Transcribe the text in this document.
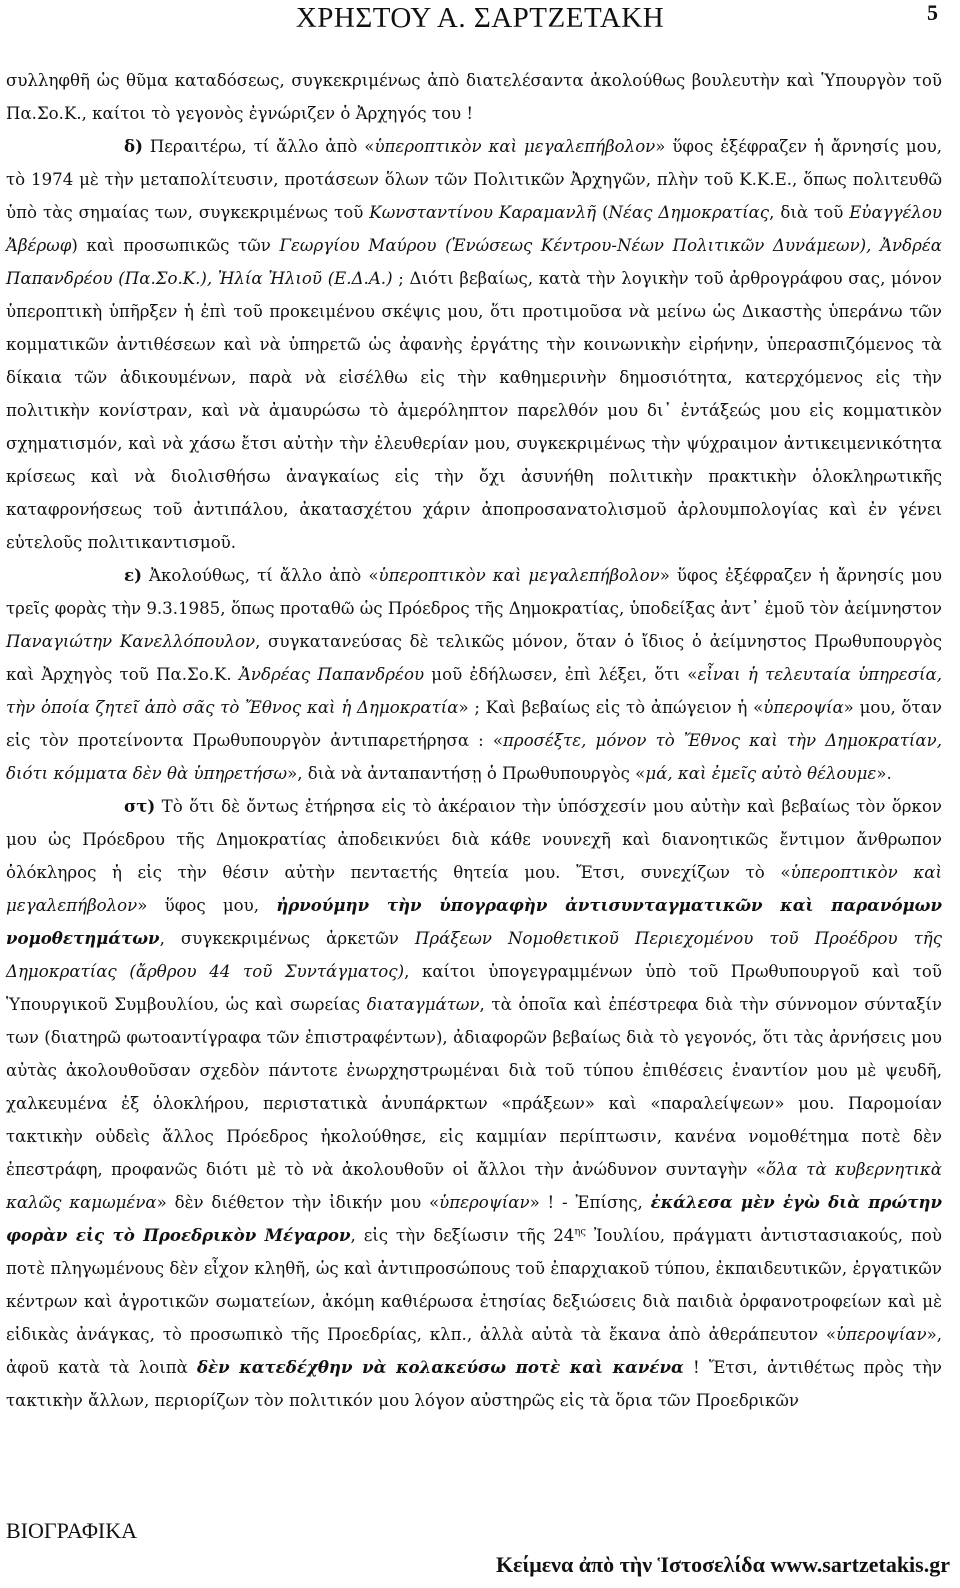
ΧΡΗΣΤΟΥ Α. ΣΑΡΤΖΕΤΑΚΗ	5

συλληφθῆ ὡς θῦμα καταδόσεως, συγκεκριμένως ἀπὸ διατελέσαντα ἀκολούθως βουλευτὴν καὶ Ὑπουργὸν τοῦ Πα.Σο.Κ., καίτοι τὸ γεγονὸς ἐγνώριζεν ὁ Ἀρχηγός του !

δ) Περαιτέρω, τί ἄλλο ἀπὸ «ὑπεροπτικὸν καὶ μεγαλεπήβολον» ὕφος ἐξέφραζεν ἡ ἄρνησίς μου, τὸ 1974 μὲ τὴν μεταπολίτευσιν, προτάσεων ὅλων τῶν Πολιτικῶν Ἀρχηγῶν, πλὴν τοῦ Κ.Κ.Ε., ὅπως πολιτευθῶ ὑπὸ τὰς σημαίας των, συγκεκριμένως τοῦ Κωνσταντίνου Καραμανλῆ (Νέας Δημοκρατίας, διὰ τοῦ Εὐαγγέλου Ἀβέρωφ) καὶ προσωπικῶς τῶν Γεωργίου Μαύρου (Ἑνώσεως Κέντρου-Νέων Πολιτικῶν Δυνάμεων), Ἀνδρέα Παπανδρέου (Πα.Σο.Κ.), Ἠλία Ἠλιοῦ (Ε.Δ.Α.) ; Διότι βεβαίως, κατὰ τὴν λογικὴν τοῦ ἀρθρογράφου σας, μόνον ὑπεροπτικὴ ὑπῆρξεν ἡ ἐπὶ τοῦ προκειμένου σκέψις μου, ὅτι προτιμοῦσα νὰ μείνω ὡς Δικαστὴς ὑπεράνω τῶν κομματικῶν ἀντιθέσεων καὶ νὰ ὑπηρετῶ ὡς ἀφανὴς ἐργάτης τὴν κοινωνικὴν εἰρήνην, ὑπερασπιζόμενος τὰ δίκαια τῶν ἀδικουμένων, παρὰ νὰ εἰσέλθω εἰς τὴν καθημερινὴν δημοσιότητα, κατερχόμενος εἰς τὴν πολιτικὴν κονίστραν, καὶ νὰ ἀμαυρώσω τὸ ἀμερόληπτον παρελθόν μου δι᾽ ἐντάξεώς μου εἰς κομματικὸν σχηματισμόν, καὶ νὰ χάσω ἔτσι αὐτὴν τὴν ἐλευθερίαν μου, συγκεκριμένως τὴν ψύχραιμον ἀντικειμενικότητα κρίσεως καὶ νὰ διολισθήσω ἀναγκαίως εἰς τὴν ὄχι ἀσυνήθη πολιτικὴν πρακτικὴν ὁλοκληρωτικῆς καταφρονήσεως τοῦ ἀντιπάλου, ἀκατασχέτου χάριν ἀποπροσανατολισμοῦ ἀρλουμπολογίας καὶ ἐν γένει εὐτελοῦς πολιτικαντισμοῦ.

ε) Ἀκολούθως, τί ἄλλο ἀπὸ «ὑπεροπτικὸν καὶ μεγαλεπήβολον» ὕφος ἐξέφραζεν ἡ ἄρνησίς μου τρεῖς φορὰς τὴν 9.3.1985, ὅπως προταθῶ ὡς Πρόεδρος τῆς Δημοκρατίας, ὑποδείξας ἀντ᾽ ἐμοῦ τὸν ἀείμνηστον Παναγιώτην Κανελλόπουλον, συγκατανεύσας δὲ τελικῶς μόνον, ὅταν ὁ ἴδιος ὁ ἀείμνηστος Πρωθυπουργὸς καὶ Ἀρχηγὸς τοῦ Πα.Σο.Κ. Ἀνδρέας Παπανδρέου μοῦ ἐδήλωσεν, ἐπὶ λέξει, ὅτι «εἶναι ἡ τελευταία ὑπηρεσία, τὴν ὁποία ζητεῖ ἀπὸ σᾶς τὸ Ἔθνος καὶ ἡ Δημοκρατία» ; Καὶ βεβαίως εἰς τὸ ἀπώγειον ἡ «ὑπεροψία» μου, ὅταν εἰς τὸν προτείνοντα Πρωθυπουργὸν ἀντιπαρετήρησα : «προσέξτε, μόνον τὸ Ἔθνος καὶ τὴν Δημοκρατίαν, διότι κόμματα δὲν θὰ ὑπηρετήσω», διὰ νὰ ἀνταπαντήσῃ ὁ Πρωθυπουργὸς «μά, καὶ ἐμεῖς αὐτὸ θέλουμε».

στ) Τὸ ὅτι δὲ ὄντως ἐτήρησα εἰς τὸ ἀκέραιον τὴν ὑπόσχεσίν μου αὐτὴν καὶ βεβαίως τὸν ὅρκον μου ὡς Πρόεδρου τῆς Δημοκρατίας ἀποδεικνύει διὰ κάθε νουνεχῆ καὶ διανοητικῶς ἔντιμον ἄνθρωπον ὁλόκληρος ἡ εἰς τὴν θέσιν αὐτὴν πενταετής θητεία μου. Ἔτσι, συνεχίζων τὸ «ὑπεροπτικὸν καὶ μεγαλεπήβολον» ὕφος μου, ἠρνούμην τὴν ὑπογραφὴν ἀντισυνταγματικῶν καὶ παρανόμων νομοθετημάτων, συγκεκριμένως ἀρκετῶν Πράξεων Νομοθετικοῦ Περιεχομένου τοῦ Προέδρου τῆς Δημοκρατίας (ἄρθρου 44 τοῦ Συντάγματος), καίτοι ὑπογεγραμμένων ὑπὸ τοῦ Πρωθυπουργοῦ καὶ τοῦ Ὑπουργικοῦ Συμβουλίου, ὡς καὶ σωρείας διαταγμάτων, τὰ ὁποῖα καὶ ἐπέστρεφα διὰ τὴν σύννομον σύνταξίν των (διατηρῶ φωτοαντίγραφα τῶν ἐπιστραφέντων), ἀδιαφορῶν βεβαίως διὰ τὸ γεγονός, ὅτι τὰς ἀρνήσεις μου αὐτὰς ἀκολουθοῦσαν σχεδὸν πάντοτε ἐνωρχηστρωμέναι διὰ τοῦ τύπου ἐπιθέσεις ἐναντίον μου μὲ ψευδῆ, χαλκευμένα ἐξ ὁλοκλήρου, περιστατικὰ ἀνυπάρκτων «πράξεων» καὶ «παραλείψεων» μου. Παρομοίαν τακτικὴν οὐδεὶς ἄλλος Πρόεδρος ἠκολούθησε, εἰς καμμίαν περίπτωσιν, κανένα νομοθέτημα ποτὲ δὲν ἐπεστράφη, προφανῶς διότι μὲ τὸ νὰ ἀκολουθοῦν οἱ ἄλλοι τὴν ἀνώδυνον συνταγὴν «ὅλα τὰ κυβερνητικὰ καλῶς καμωμένα» δὲν διέθετον τὴν ἰδικήν μου «ὑπεροψίαν» ! - Ἐπίσης, ἐκάλεσα μὲν ἐγὼ διὰ πρώτην φορὰν εἰς τὸ Προεδρικὸν Μέγαρον, εἰς τὴν δεξίωσιν τῆς $24^{\eta\varsigma}$ Ἰουλίου, πράγματι ἀντιστασιακούς, ποὺ ποτὲ πληγωμένους δὲν εἶχον κληθῆ, ὡς καὶ ἀντιπροσώπους τοῦ ἐπαρχιακοῦ τύπου, ἐκπαιδευτικῶν, ἐργατικῶν κέντρων καὶ ἀγροτικῶν σωματείων, ἀκόμη καθιέρωσα ἐτησίας δεξιώσεις διὰ παιδιὰ ὀρφανοτροφείων καὶ μὲ εἰδικὰς ἀνάγκας, τὸ προσωπικὸ τῆς Προεδρίας, κλπ., ἀλλὰ αὐτὰ τὰ ἔκανα ἀπὸ ἀθεράπευτον «ὑπεροψίαν», ἀφοῦ κατὰ τὰ λοιπὰ δὲν κατεδέχθην νὰ κολακεύσω ποτὲ καὶ κανένα ! Ἔτσι, ἀντιθέτως πρὸς τὴν τακτικὴν ἄλλων, περιορίζων τὸν πολιτικόν μου λόγον αὐστηρῶς εἰς τὰ ὅρια τῶν Προεδρικῶν

ΒΙΟΓΡΑΦΙΚΑ
Κείμενα ἀπὸ τὴν Ἱστοσελίδα www.sartzetakis.gr
